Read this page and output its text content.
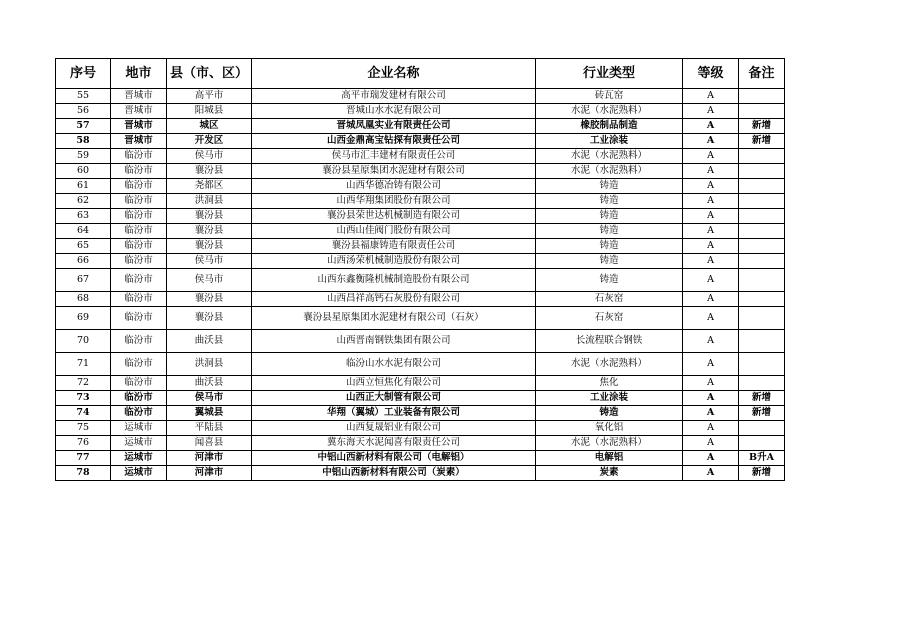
序号	地市	县（市、区）	企业名称	行业类型	等级	备注
55	晋城市	高平市	高平市瑞发建材有限公司	砖瓦窑	A	
56	晋城市	阳城县	晋城山水水泥有限公司	水泥（水泥熟料）	A	
57	晋城市	城区	晋城凤凰实业有限责任公司	橡胶制品制造	A	新增
58	晋城市	开发区	山西金鼎高宝钻探有限责任公司	工业涂装	A	新增
59	临汾市	侯马市	侯马市汇丰建材有限责任公司	水泥（水泥熟料）	A	
60	临汾市	襄汾县	襄汾县星原集团水泥建材有限公司	水泥（水泥熟料）	A	
61	临汾市	尧都区	山西华德冶铸有限公司	铸造	A	
62	临汾市	洪洞县	山西华翔集团股份有限公司	铸造	A	
63	临汾市	襄汾县	襄汾县荣世达机械制造有限公司	铸造	A	
64	临汾市	襄汾县	山西山佳阀门股份有限公司	铸造	A	
65	临汾市	襄汾县	襄汾县福康铸造有限责任公司	铸造	A	
66	临汾市	侯马市	山西汤荣机械制造股份有限公司	铸造	A	
67	临汾市	侯马市	山西东鑫衡隆机械制造股份有限公司	铸造	A	
68	临汾市	襄汾县	山西昌祥高钙石灰股份有限公司	石灰窑	A	
69	临汾市	襄汾县	襄汾县星原集团水泥建材有限公司（石灰）	石灰窑	A	
70	临汾市	曲沃县	山西晋南钢铁集团有限公司	长流程联合钢铁	A	
71	临汾市	洪洞县	临汾山水水泥有限公司	水泥（水泥熟料）	A	
72	临汾市	曲沃县	山西立恒焦化有限公司	焦化	A	
73	临汾市	侯马市	山西正大制管有限公司	工业涂装	A	新增
74	临汾市	翼城县	华翔（翼城）工业装备有限公司	铸造	A	新增
75	运城市	平陆县	山西复晟铝业有限公司	氧化铝	A	
76	运城市	闻喜县	冀东海天水泥闻喜有限责任公司	水泥（水泥熟料）	A	
77	运城市	河津市	中铝山西新材料有限公司（电解铝）	电解铝	A	B升A
78	运城市	河津市	中铝山西新材料有限公司（炭素）	炭素	A	新增
